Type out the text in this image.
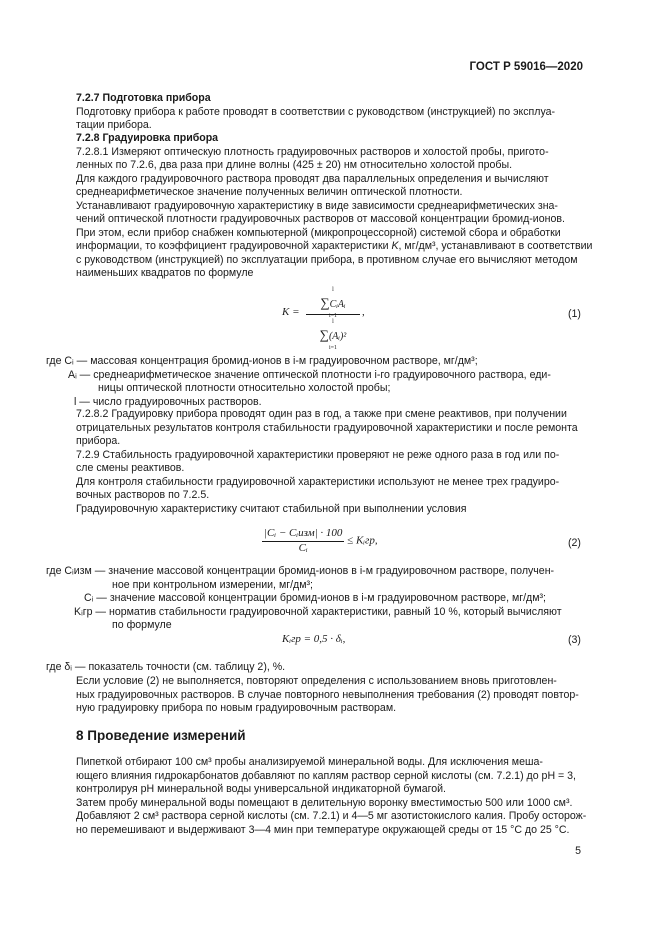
ГОСТ Р 59016—2020
7.2.7 Подготовка прибора
Подготовку прибора к работе проводят в соответствии с руководством (инструкцией) по эксплуа-
тации прибора.
7.2.8 Градуировка прибора
7.2.8.1 Измеряют оптическую плотность градуировочных растворов и холостой пробы, пригото-
ленных по 7.2.6, два раза при длине волны (425 ± 20) нм относительно холостой пробы.
Для каждого градуировочного раствора проводят два параллельных определения и вычисляют
среднеарифметическое значение полученных величин оптической плотности.
Устанавливают градуировочную характеристику в виде зависимости среднеарифметических зна-
чений оптической плотности градуировочных растворов от массовой концентрации бромид-ионов.
При этом, если прибор снабжен компьютерной (микропроцессорной) системой сбора и обработки
информации, то коэффициент градуировочной характеристики K, мг/дм³, устанавливают в соответствии
с руководством (инструкцией) по эксплуатации прибора, в противном случае его вычисляют методом
наименьших квадратов по формуле
K =
l
∑CᵢAᵢ
i=1
l
∑(Aᵢ)²
i=1
,	(1)
где Cᵢ — массовая концентрация бромид-ионов в i-м градуировочном растворе, мг/дм³;
Aᵢ — среднеарифметическое значение оптической плотности i-го градуировочного раствора, еди-
ницы оптической плотности относительно холостой пробы;
l — число градуировочных растворов.
7.2.8.2 Градуировку прибора проводят один раз в год, а также при смене реактивов, при получении
отрицательных результатов контроля стабильности градуировочной характеристики и после ремонта
прибора.
7.2.9 Стабильность градуировочной характеристики проверяют не реже одного раза в год или по-
сле смены реактивов.
Для контроля стабильности градуировочной характеристики используют не менее трех градуиро-
вочных растворов по 7.2.5.
Градуировочную характеристику считают стабильной при выполнении условия
$\frac{\text{|Cᵢ − Cᵢизм| · 100}}{\text{Cᵢ}}$ ≤ Kᵢгр,	(2)
где Cᵢизм — значение массовой концентрации бромид-ионов в i-м градуировочном растворе, получен-
ное при контрольном измерении, мг/дм³;
Cᵢ — значение массовой концентрации бромид-ионов в i-м градуировочном растворе, мг/дм³;
Kᵢгр — норматив стабильности градуировочной характеристики, равный 10 %, который вычисляют
по формуле
Kᵢгр = 0,5 · δᵢ,	(3)
где δᵢ — показатель точности (см. таблицу 2), %.
Если условие (2) не выполняется, повторяют определения с использованием вновь приготовлен-
ных градуировочных растворов. В случае повторного невыполнения требования (2) проводят повтор-
ную градуировку прибора по новым градуировочным растворам.
8 Проведение измерений
Пипеткой отбирают 100 см³ пробы анализируемой минеральной воды. Для исключения меша-
ющего влияния гидрокарбонатов добавляют по каплям раствор серной кислоты (см. 7.2.1) до рН = 3,
контролируя рН минеральной воды универсальной индикаторной бумагой.
Затем пробу минеральной воды помещают в делительную воронку вместимостью 500 или 1000 см³.
Добавляют 2 см³ раствора серной кислоты (см. 7.2.1) и 4—5 мг азотистокислого калия. Пробу осторож-
но перемешивают и выдерживают 3—4 мин при температуре окружающей среды от 15 °С до 25 °С.
5
